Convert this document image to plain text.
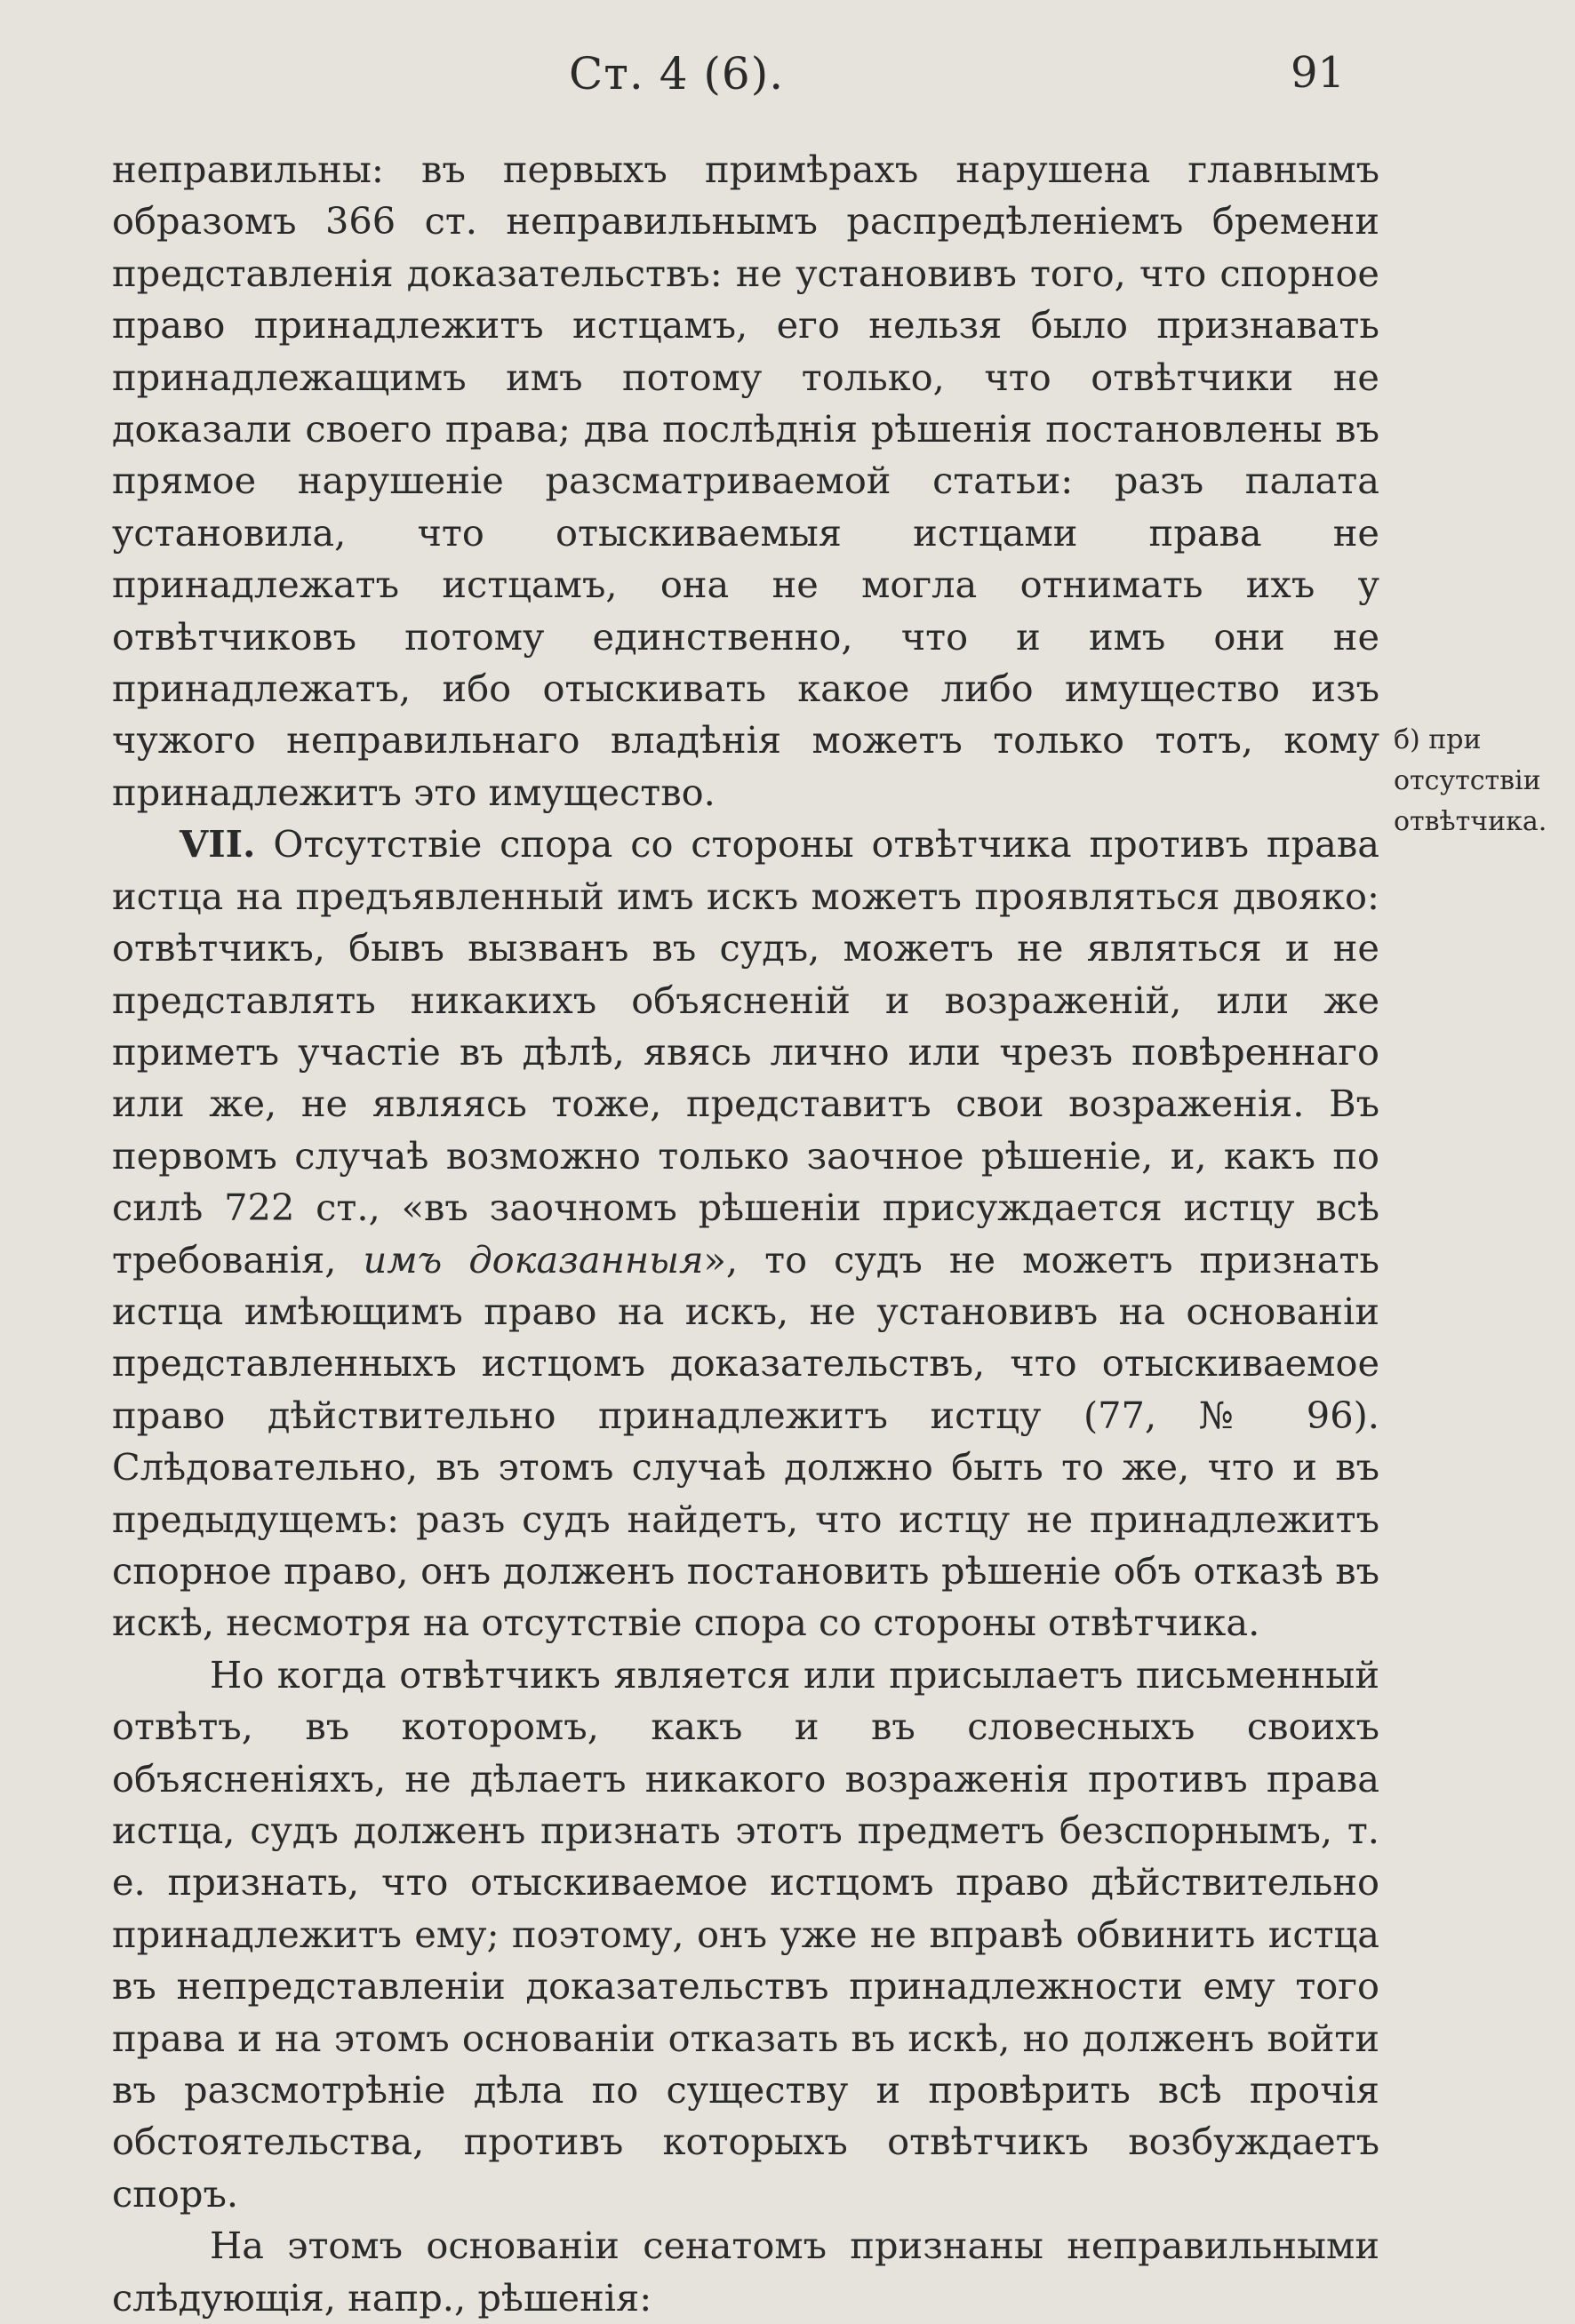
Ст. 4 (6).	91

неправильны: въ первыхъ примѣрахъ нарушена главнымъ образомъ 366 ст. неправильнымъ распредѣленіемъ бремени представленія доказательствъ: не установивъ того, что спорное право принадлежитъ истцамъ, его нельзя было признавать принадлежащимъ имъ потому только, что отвѣтчики не доказали своего права; два послѣднія рѣшенія постановлены въ прямое нарушеніе разсматриваемой статьи: разъ палата установила, что отыскиваемыя истцами права не принадлежатъ истцамъ, она не могла отнимать ихъ у отвѣтчиковъ потому единственно, что и имъ они не принадлежатъ, ибо отыскивать какое либо имущество изъ чужого неправильнаго владѣнія можетъ только тотъ, кому принадлежитъ это имущество.

VII. Отсутствіе спора со стороны отвѣтчика противъ права истца на предъявленный имъ искъ можетъ проявляться двояко: отвѣтчикъ, бывъ вызванъ въ судъ, можетъ не являться и не представлять никакихъ объясненій и возраженій, или же приметъ участіе въ дѣлѣ, явясь лично или чрезъ повѣреннаго или же, не являясь тоже, представитъ свои возраженія. Въ первомъ случаѣ возможно только заочное рѣшеніе, и, какъ по силѣ 722 ст., «въ заочномъ рѣшеніи присуждается истцу всѣ требованія, имъ доказанныя», то судъ не можетъ признать истца имѣющимъ право на искъ, не установивъ на основаніи представленныхъ истцомъ доказательствъ, что отыскиваемое право дѣйствительно принадлежитъ истцу (77, № 96). Слѣдовательно, въ этомъ случаѣ должно быть то же, что и въ предыдущемъ: разъ судъ найдетъ, что истцу не принадлежитъ спорное право, онъ долженъ постановить рѣшеніе объ отказѣ въ искѣ, несмотря на отсутствіе спора со стороны отвѣтчика.

Но когда отвѣтчикъ является или присылаетъ письменный отвѣтъ, въ которомъ, какъ и въ словесныхъ своихъ объясненіяхъ, не дѣлаетъ никакого возраженія противъ права истца, судъ долженъ признать этотъ предметъ безспорнымъ, т. е. признать, что отыскиваемое истцомъ право дѣйствительно принадлежитъ ему; поэтому, онъ уже не вправѣ обвинить истца въ непредставленіи доказательствъ принадлежности ему того права и на этомъ основаніи отказать въ искѣ, но долженъ войти въ разсмотрѣніе дѣла по существу и провѣрить всѣ прочія обстоятельства, противъ которыхъ отвѣтчикъ возбуждаетъ споръ.

На этомъ основаніи сенатомъ признаны неправильными слѣдующія, напр., рѣшенія:

б) при отсутствіи отвѣтчика.
